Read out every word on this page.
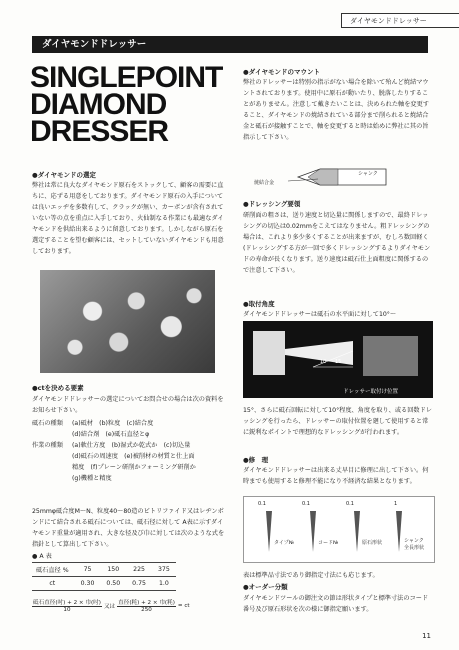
ダイヤモンドドレッサー
ダイヤモンドドレッサー
SINGLEPOINT
DIAMOND
DRESSER
●ダイヤモンドの選定
弊社は常に良大なダイヤモンド原石をストックして、顧客の需要に直ちに、応ずる用意をしております。ダイヤモンド原石の入手については良いエッヂを多数有して、クラックが無い、カーボンが含有されていない等の点を重点に入手しており、火仙制なる作業にも最適なダイヤモンドを供給出来るように留意しております。しかしながら原石を選定することを望む顧客には、セットしていないダイヤモンドも用意しております。
●ctを決める要素
ダイヤモンドドレッサーの選定についてお問合せの場合は次の資料をお知らせ下さい。
砥石の種類	(a)砥材　(b)粒度　(c)結合度
(d)結合剤　(e)砥石直径とφ
作業の種類	(a)軟仕方度　(b)湿式か乾式か　(c)切込量
(d)砥石の周速度　(e)被削材の材質と仕上面
精度　(f)プレーン研削かフォーミング研削か
(g)機種と精度
25mmφ砥合度M～N、粒度40～80造のビトリファイド又はレヂンボンドにて結合される砥石については、砥石径に対して A表に示すダイヤモンド重量が適用され、大きな径及び巾に対しては次のような式を指針として算出して下さい。
● A 表
砥石直径 %	75	150	225	375
ct	0.30	0.50	0.75	1.0
砥石直径(吋) + 2 × 巾(吋)
10
又は
直径(粍) + 2 × 巾(粍)
250
= ct
●ダイヤモンドのマウント
弊社のドレッサーは特別の指示がない場合を除いて殆んど焼結マウントされております。使用中に原石が動いたり、脱落したりすることがありません。注意して戴きたいことは、決められた軸を変更すること、ダイヤモンドの焼結されている部分まで削られると焼結合金と砥石が接触すことで、軸を変更すると時は始めに弊社に其の旨指示して下さい。
焼結合金
シャンク
●ドレッシング要領
研削面の粗さは、送り速度と切込量に関係しますので、最終ドレッシングの切込は0.02mmをこえてはなりません。粗ドレッシングの場合は、これより多少多くすることが出来ますが、むしろ数回軽く(ドレッシングする方が一回で多くドレッシングするよりダイヤモンドの寿命が長くなります。送り速度は砥石仕上面粗度に関係するので注意して下さい。
●取付角度
ダイヤモンドドレッサーは砥石の水平面に対して10°～
10 15
ドレッサー取付け位置
15°、さらに砥石回転に対して10°程度、角度を取り、或る回数ドレッシングを行ったら、ドレッサーの取付位置を廻して使用すると常に鋭利なポイントで理想的なドレッシングが行われます。
●修　理
ダイヤモンドドレッサーは出来る丈早目に修理に出して下さい。何時までも使用すると修理不能になり不経済な結果となります。
0.1	0.1	0.1	1
タイプ№	コード№	原石形状	シャンク
全長形状
表は標準品寸法であり御指定寸法にも応じます。
●オーダー分類
ダイヤモンドツールの御注文の節は形状タイプと標準寸法のコード番号及び原石形状を次の様に御指定願います。
11
